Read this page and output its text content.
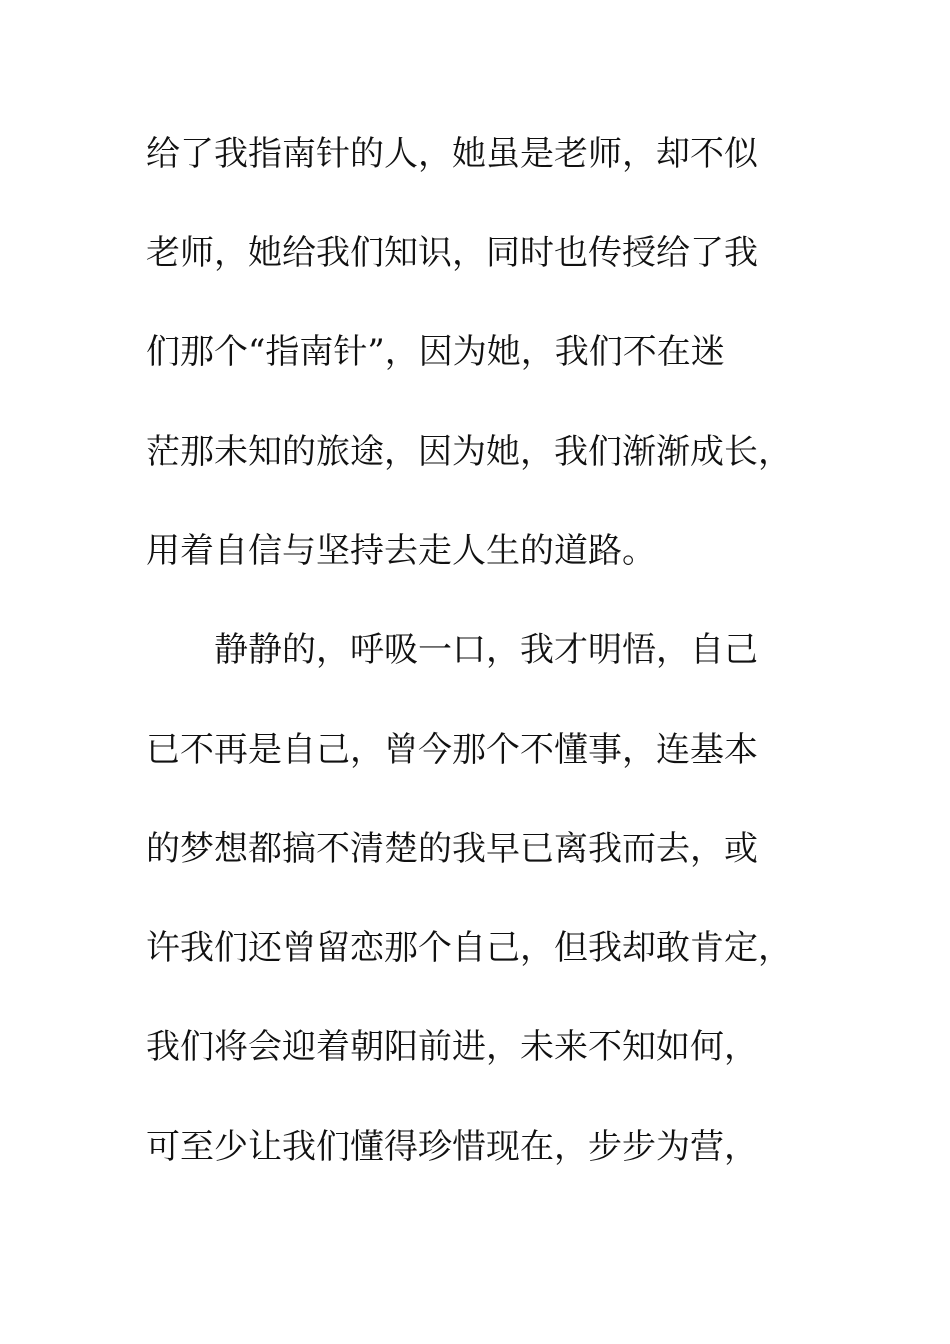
给了我指南针的人，她虽是老师，却不似
老师，她给我们知识，同时也传授给了我
们那个“指南针”，因为她，我们不在迷
茫那未知的旅途，因为她，我们渐渐成长，
用着自信与坚持去走人生的道路。
静静的，呼吸一口，我才明悟，自己
已不再是自己，曾今那个不懂事，连基本
的梦想都搞不清楚的我早已离我而去，或
许我们还曾留恋那个自己，但我却敢肯定，
我们将会迎着朝阳前进，未来不知如何，
可至少让我们懂得珍惜现在，步步为营，
